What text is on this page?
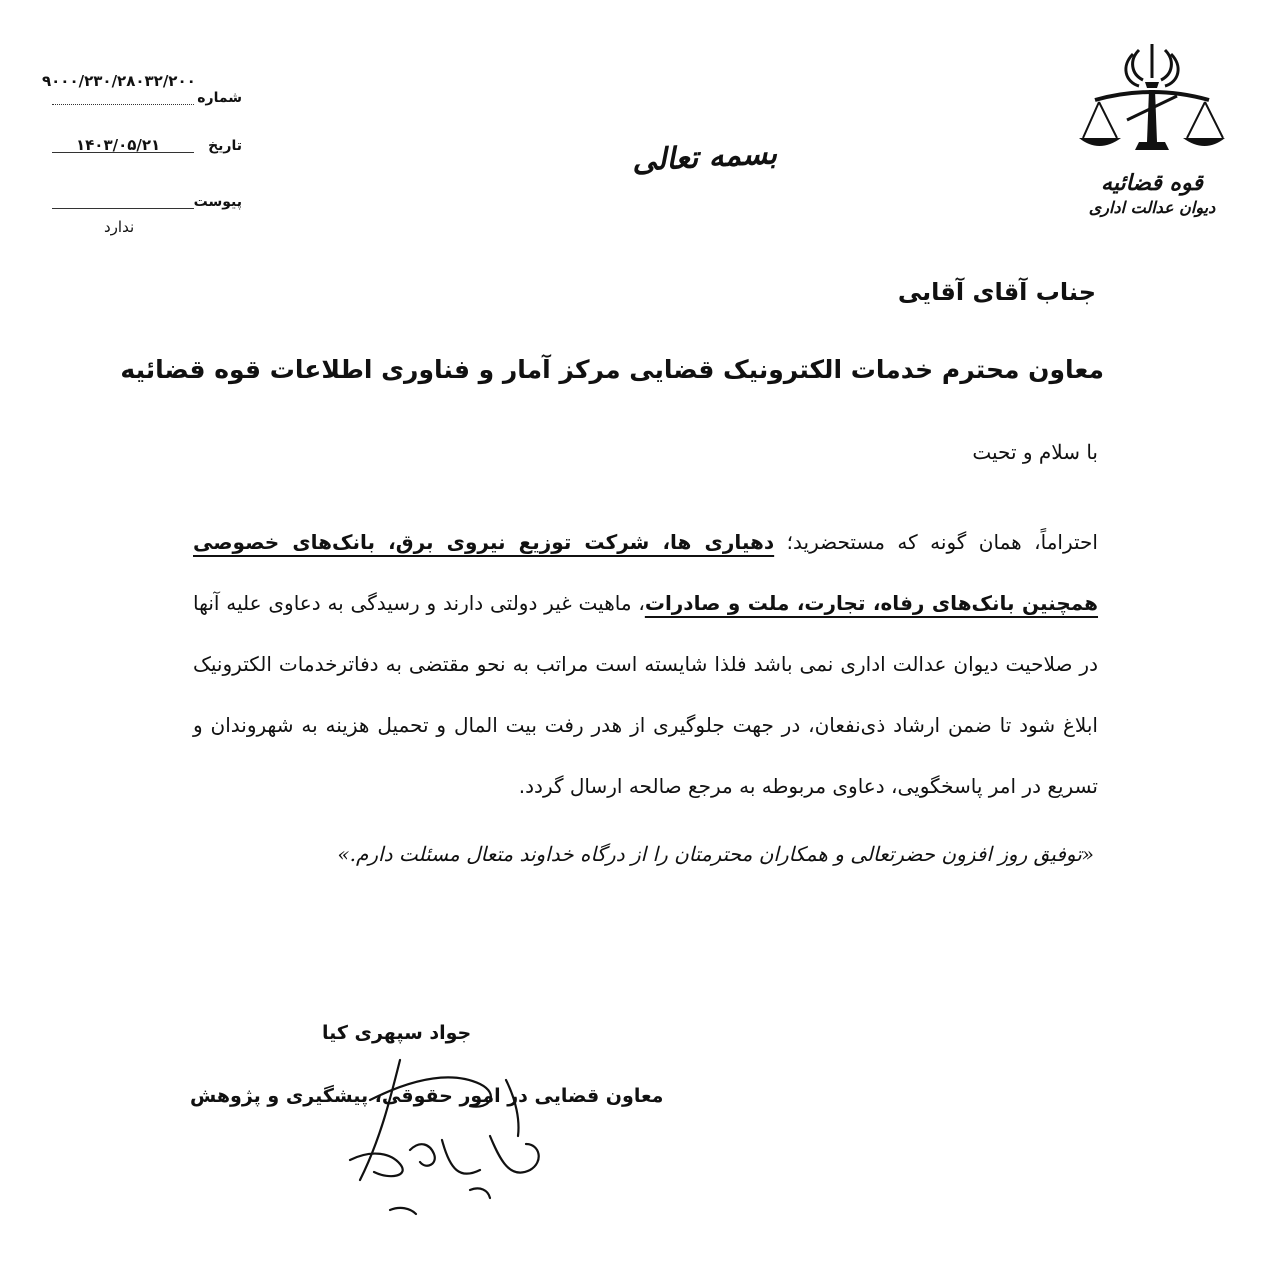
۹۰۰۰/۲۳۰/۲۸۰۳۲/۲۰۰
شماره
۱۴۰۳/۰۵/۲۱	تاریخ
پیوست
ندارد
بسمه تعالی
قوه قضائیه
دیوان عدالت اداری
جناب آقای آقایی
معاون محترم خدمات الکترونیک قضایی مرکز آمار و فناوری اطلاعات قوه قضائیه
با سلام و تحیت
احتراماً، همان گونه که مستحضرید؛ دهیاری ها، شرکت توزیع نیروی برق، بانک‌های خصوصی همچنین بانک‌های رفاه، تجارت، ملت و صادرات، ماهیت غیر دولتی دارند و رسیدگی به دعاوی علیه آنها در صلاحیت دیوان عدالت اداری نمی باشد فلذا شایسته است مراتب به نحو مقتضی به دفاترخدمات الکترونیک ابلاغ شود تا ضمن ارشاد ذی‌نفعان، در جهت جلوگیری از هدر رفت بیت المال و تحمیل هزینه به شهروندان و تسریع در امر پاسخگویی، دعاوی مربوطه به مرجع صالحه ارسال گردد.
«توفیق روز افزون حضرتعالی و همکاران محترمتان را از درگاه خداوند متعال مسئلت دارم.»
جواد سپهری کیا
معاون قضایی در امور حقوقی، پیشگیری و پژوهش
